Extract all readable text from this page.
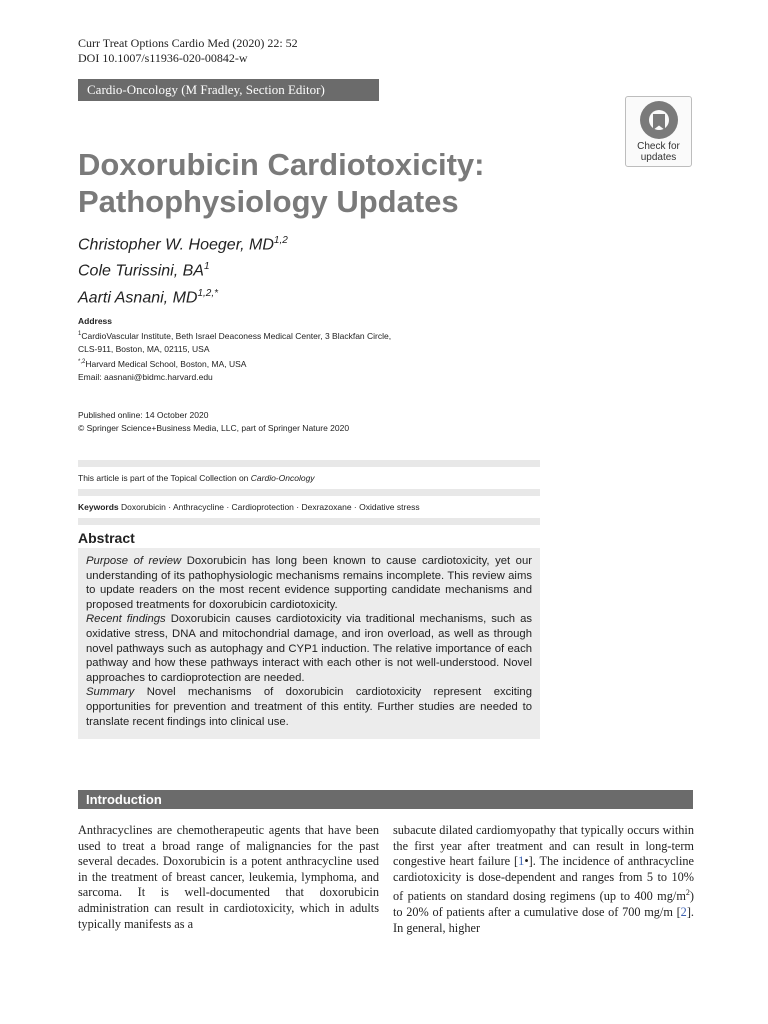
Curr Treat Options Cardio Med (2020) 22: 52
DOI 10.1007/s11936-020-00842-w
Cardio-Oncology (M Fradley, Section Editor)
Check for
updates
Doxorubicin Cardiotoxicity:
Pathophysiology Updates
Christopher W. Hoeger, MD$^{1,2}$
Cole Turissini, $BA^1$
Aarti Asnani, $MD^{1,2,*}$
Address
$^1$CardioVascular Institute, Beth Israel Deaconess Medical Center, 3 Blackfan Circle,
CLS-911, Boston, MA, 02115, USA
$^{*,2}$Harvard Medical School, Boston, MA, USA
Email: aasnani@bidmc.harvard.edu
Published online: 14 October 2020
© Springer Science+Business Media, LLC, part of Springer Nature 2020
This article is part of the Topical Collection on Cardio-Oncology
Keywords Doxorubicin · Anthracycline · Cardioprotection · Dexrazoxane · Oxidative stress
Abstract

Purpose of review Doxorubicin has long been known to cause cardiotoxicity, yet our understanding of its pathophysiologic mechanisms remains incomplete. This review aims to update readers on the most recent evidence supporting candidate mechanisms and proposed treatments for doxorubicin cardiotoxicity.

Recent findings Doxorubicin causes cardiotoxicity via traditional mechanisms, such as oxidative stress, DNA and mitochondrial damage, and iron overload, as well as through novel pathways such as autophagy and CYP1 induction. The relative importance of each pathway and how these pathways interact with each other is not well-understood. Novel approaches to cardioprotection are needed.

Summary Novel mechanisms of doxorubicin cardiotoxicity represent exciting opportunities for prevention and treatment of this entity. Further studies are needed to translate recent findings into clinical use.

Introduction
Anthracyclines are chemotherapeutic agents that have been used to treat a broad range of malignancies for the past several decades. Doxorubicin is a potent anthracycline used in the treatment of breast cancer, leukemia, lymphoma, and sarcoma. It is well-documented that doxorubicin administration can result in cardiotoxicity, which in adults typically manifests as a
subacute dilated cardiomyopathy that typically occurs within the first year after treatment and can result in long-term congestive heart failure [1•]. The incidence of anthracycline cardiotoxicity is dose-dependent and ranges from 5 to 10% of patients on standard dosing regimens (up to 400 $mg/m^2$) to 20% of patients after a cumulative dose of 700 mg/m [2]. In general, higher
